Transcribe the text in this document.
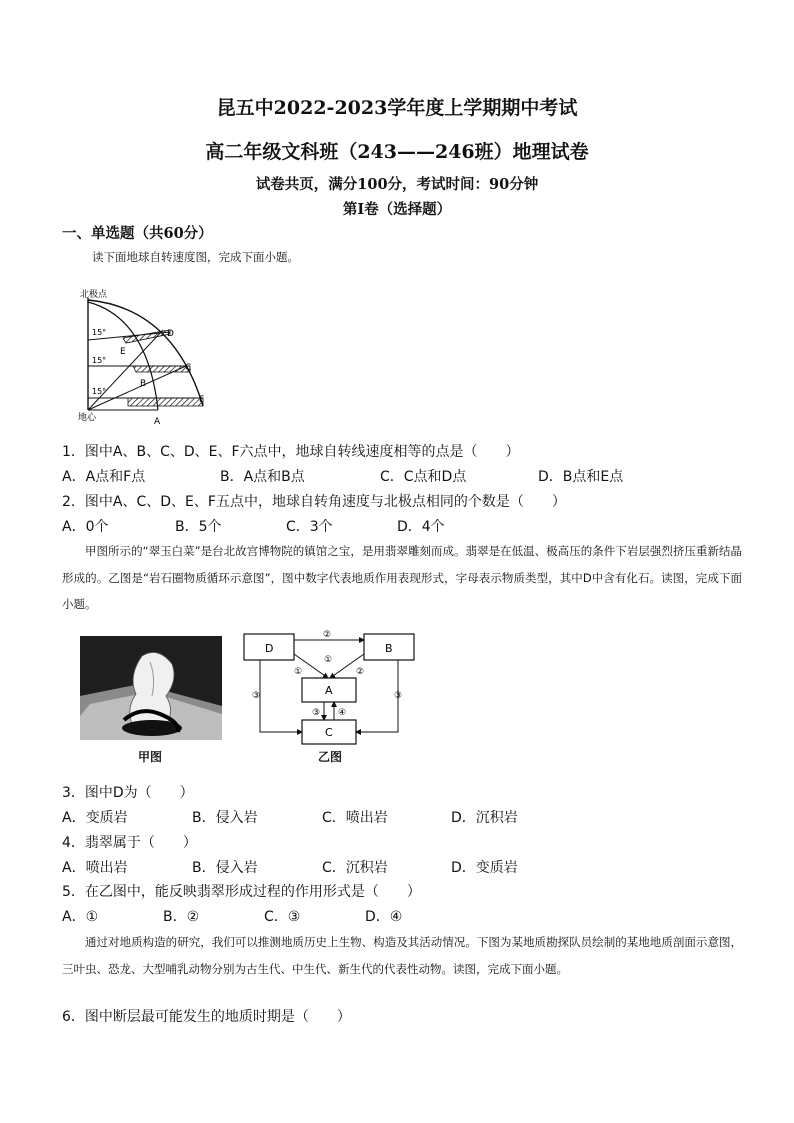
昆五中2022-2023学年度上学期期中考试
高二年级文科班（243——246班）地理试卷
试卷共页，满分100分，考试时间：90分钟
第I卷（选择题）
一、单选题（共60分）
读下面地球自转速度图，完成下面小题。
北极点
地心
15°
15°
15°
D
E
C
B
F
A
1．图中A、B、C、D、E、F六点中，地球自转线速度相等的点是（　　）
A．A点和F点	B．A点和B点	C．C点和D点	D．B点和E点
2．图中A、C、D、E、F五点中，地球自转角速度与北极点相同的个数是（　　）
A．0个	B．5个	C．3个	D．4个
甲图所示的“翠玉白菜”是台北故宫博物院的镇馆之宝，是用翡翠雕刻而成。翡翠是在低温、极高压的条件下岩层强烈挤压重新结晶形成的。乙图是“岩石圈物质循环示意图”，图中数字代表地质作用表现形式，字母表示物质类型，其中D中含有化石。读图，完成下面小题。
甲图
D	B
A
C
②
①
①	②
③	③
③ ④
乙图
3．图中D为（　　）
A．变质岩	B．侵入岩	C．喷出岩	D．沉积岩
4．翡翠属于（　　）
A．喷出岩	B．侵入岩	C．沉积岩	D．变质岩
5．在乙图中，能反映翡翠形成过程的作用形式是（　　）
A．①	B．②	C．③	D．④
通过对地质构造的研究，我们可以推测地质历史上生物、构造及其活动情况。下图为某地质勘探队员绘制的某地地质剖面示意图，三叶虫、恐龙、大型哺乳动物分别为古生代、中生代、新生代的代表性动物。读图，完成下面小题。
6．图中断层最可能发生的地质时期是（　　）
